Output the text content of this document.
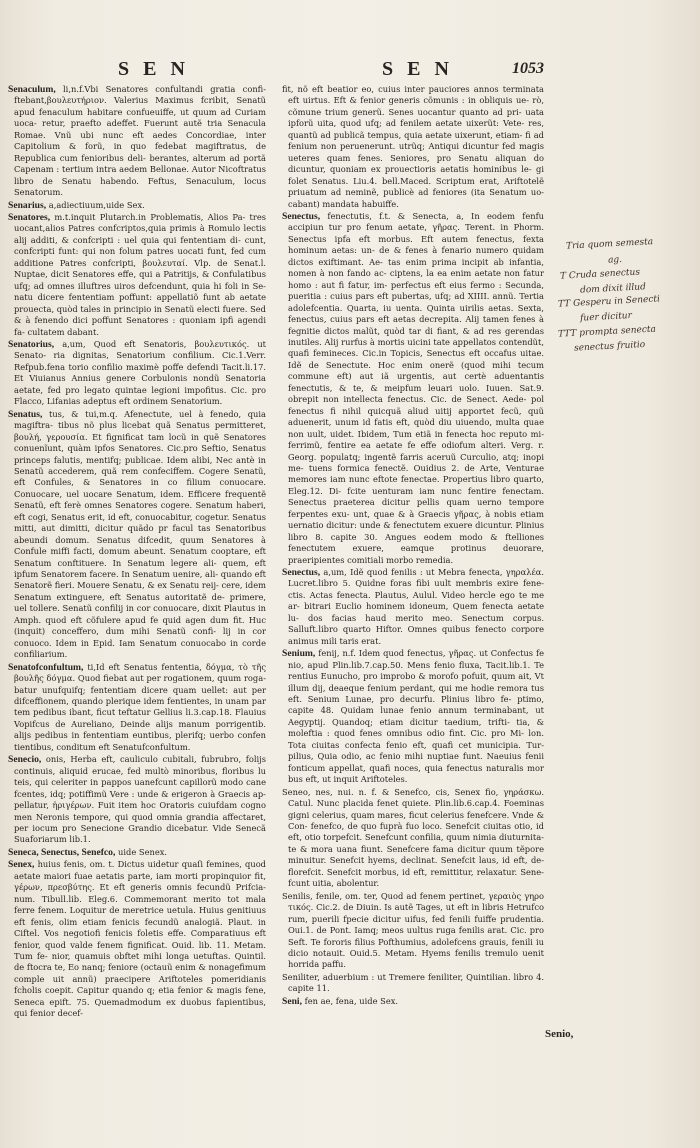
SEN	SEN	1053

Senaculum, li,n.f.Vbi Senatores confultandi gratia confi- ftebant,βουλευτήριον. Valerius Maximus fcribit, Senatũ apud fenaculum habitare confueuiffe, ut quum ad Curiam uoca- retur, praefto adeffet. Fuerunt autẽ tria Senacula Romae. Vnũ ubi nunc eft aedes Concordiae, inter Capitolium & forũ, in quo fedebat magiftratus, de Republica cum fenioribus deli- berantes, alterum ad portã Capenam : tertium intra aedem Bellonae. Autor Nicoftratus libro de Senatu habendo. Feftus, Senaculum, locus Senatorum.

Senarius, a,adiectiuum,uide Sex.

Senatores, m.t.inquit Plutarch.in Problematis, Alios Pa- tres uocant,alios Patres confcriptos,quia primis à Romulo lectis alij additi, & confcripti : uel quia qui fententiam di- cunt, confcripti funt: qui non folum patres uocati funt, fed cum additione Patres confcripti, βουλευταί. Vlp. de Senat.l. Nuptae, dicit Senatores effe, qui a Patritijs, & Confulatibus ufq; ad omnes illuftres uiros defcendunt, quia hi foli in Se- natu dicere fententiam poffunt: appellatiõ funt ab aetate prouecta, quòd tales in principio in Senatũ electi fuere. Sed & à fenendo dici poffunt Senatores : quoniam ipfi agendi fa- cultatem dabant.

Senatorius, a,um, Quod eft Senatoris, βουλευτικός. ut Senato- ria dignitas, Senatorium confilium. Cic.1.Verr. Refpub.fena torio confilio maximè poffe defendi Tacit.li.17. Et Viuianus Annius genere Corbulonis nondũ Senatoria aetate, fed pro legato quintae legioni impofitus. Cic. pro Flacco, Lifanias adeptus eft ordinem Senatorium.

Senatus, tus, & tui,m.q. Afenectute, uel à fenedo, quia magiftra- tibus nõ plus licebat quã Senatus permitteret, βουλή, γερουσία. Et fignificat tam locũ in quẽ Senatores conuenĩunt, quàm ipfos Senatores. Cic.pro Seftio, Senatus princeps falutis, mentifq; publicae. Idem alibi, Nec antè in Senatũ accederem, quã rem confeciffem. Cogere Senatũ, eft Confules, & Senatores in co filium conuocare. Conuocare, uel uocare Senatum, idem. Efficere frequentẽ Senatũ, eft ferè omnes Senatores cogere. Senatum haberi, eft cogi, Senatus erit, id eft, conuocabitur, cogetur. Senatus mitti, aut dimitti, dicitur quãdo pr facul tas Senatoribus abeundi domum. Senatus difcedit, quum Senatores à Confule miffi facti, domum abeunt. Senatum cooptare, eft Senatum conftituere. In Senatum legere ali- quem, eft ipfum Senatorem facere. In Senatum uenire, ali- quando eft Senatorẽ fieri. Mouere Senatu, & ex Senatu reij- cere, idem Senatum extinguere, eft Senatus autoritatẽ de- primere, uel tollere. Senatũ confilij in cor conuocare, dixit Plautus in Amph. quod eft cõfulere apud fe quid agen dum fit. Huc (inquit) conceffero, dum mihi Senatũ confi- lij in cor conuoco. Idem in Epid. Iam Senatum conuocabo in corde confiliarium.

Senatofconfultum, ti,Id eft Senatus fententia, δόγμα, τὸ τῆς βουλῆς δόγμα. Quod fiebat aut per rogationem, quum roga- batur unufquifq; fententiam dicere quam uellet: aut per difceffionem, quando plerique idem fentientes, in unam par tem pedibus ibant, ficut teftatur Gellius li.3.cap.18. Flauius Vopifcus de Aureliano, Deinde alijs manum porrigentib. alijs pedibus in fententiam euntibus, plerifq; uerbo confen tientibus, conditum eft Senatufconfultum.

Senecio, onis, Herba eft, cauliculo cubitali, fubrubro, folijs continuis, aliquid erucae, fed multò minoribus, floribus lu teis, qui celeriter in pappos uanefcunt capillorũ modo cane fcentes, idq; potiffimũ Vere : unde & erigeron à Graecis ap- pellatur, ἠριγέρων. Fuit item hoc Oratoris cuiufdam cogno men Neronis tempore, qui quod omnia grandia affectaret, per iocum pro Senecione Grandio dicebatur. Vide Senecã Suaforiarum lib.1.

Seneca, Senectus, Senefco, uide Senex.

Senex, huius fenis, om. t. Dictus uidetur quaſi femines, quod aetate maiori fuae aetatis parte, iam morti propinquior fit, γέρων, πρεσβύτης. Et eft generis omnis fecundũ Prifcia- num. Tibull.lib. Eleg.6. Commemorant merito tot mala ferre fenem. Loquitur de meretrice uetula. Huius genitiuus eft fenis, olim etiam fenicis fecundũ analogiã. Plaut. in Ciftel. Vos negotiofi fenicis foletis effe. Comparatiuus eft fenior, quod valde fenem fignificat. Ouid. lib. 11. Metam. Tum fe- nior, quamuis obftet mihi longa uetuftas. Quintil. de ftocra te, Eo nanq; feniore (octauũ enim & nonagefimum comple uit annũ) praecipere Ariftoteles pomeridianis fcholis coepit. Capitur quando q; etia fenior & magis fene, Seneca epift. 75. Quemadmodum ex duobus fapientibus, qui fenior decef-

fit, nõ eft beatior eo, cuius inter pauciores annos terminata eft uirtus. Eft & fenior generis cõmunis : in obliquis ue- rò, cõmune trium generũ. Senes uocantur quanto ad pri- uata ipforũ uita, quod ufq; ad fenilem aetate uixerũt: Vete- res, quantũ ad publicã tempus, quia aetate uixerunt, etiam- fi ad fenium non peruenerunt. utrũq; Antiqui dicuntur fed magis ueteres quam fenes. Seniores, pro Senatu aliquan do dicuntur, quoniam ex prouectioris aetatis hominibus le- gi folet Senatus. Liu.4. bell.Maced. Scriptum erat, Ariftotelẽ priuatum ad neminẽ, publicè ad feniores (ita Senatum uo- cabant) mandata habuiffe.

Senectus, fenectutis, f.t. & Senecta, a, In eodem fenfu accipiun tur pro fenum aetate, γῆρας. Terent. in Phorm. Senectus ipfa eft morbus. Eft autem fenectus, fexta hominum aetas: un- de & fenes à fenario numero quidam dictos exiftimant. Ae- tas enim prima incipit ab infantia, nomen à non fando ac- ciptens, la ea enim aetate non fatur homo : aut fi fatur, im- perfectus eft eius fermo : Secunda, pueritia : cuius pars eft pubertas, ufq; ad XIIII. annũ. Tertia adolefcentia. Quarta, iu uenta. Quinta uirilis aetas. Sexta, fenectus, cuius pars eft aetas decrepita. Alij tamen fenes à fegnitie dictos malũt, quòd tar di fiant, & ad res gerendas inutiles. Alij rurfus à mortis uicini tate appellatos contendũt, quafi femineces. Cic.in Topicis, Senectus eft occafus uitae. Idẽ de Senectute. Hoc enim onerẽ (quod mihi tecum commune eft) aut iã urgentis, aut certè aduentantis fenectutis, & te, & meipfum leuari uolo. Iuuen. Sat.9. obrepit non intellecta fenectus. Cic. de Senect. Aede- pol fenectus fi nihil quicquã aliud uitij apportet fecũ, quũ aduenerit, unum id fatis eft, quòd diu uiuendo, multa quae non uult, uidet. Ibidem, Tum etiã in fenecta hoc reputo mi- ferrimũ, fentire ea aetate fe effe odiofum alteri. Verg. r. Georg. populatq; ingentẽ farris aceruũ Curculio, atq; inopi me- tuens formica fenectẽ. Ouidius 2. de Arte, Venturae memores iam nunc eftote fenectae. Propertius libro quarto, Eleg.12. Di- fcite uenturam iam nunc fentire fenectam. Senectus praeterea dicitur pellis quam uerno tempore ferpentes exu- unt, quae & à Graecis γῆρας, à nobis etiam uernatio dicitur: unde & fenectutem exuere dicuntur. Plinius libro 8. capite 30. Angues eodem modo & ftelliones fenectutem exuere, eamque protinus deuorare, praeripientes comitiali morbo remedia.

Senectus, a,um, Idẽ quod fenilis : ut Mebra fenecta, γηραλέα. Lucret.libro 5. Quidne foras fibi uult membris exire fene- ctis. Actas fenecta. Plautus, Aulul. Video hercle ego te me ar- bitrari Euclio hominem idoneum, Quem fenecta aetate lu- dos facias haud merito meo. Senectum corpus. Salluft.libro quarto Hiftor. Omnes quibus fenecto corpore animus mili taris erat.

Senium, fenij, n.f. Idem quod fenectus, γῆρας. ut Confectus fe nio, apud Plin.lib.7.cap.50. Mens fenio fluxa, Tacit.lib.1. Te rentius Eunucho, pro improbo & morofo pofuit, quum ait, Vt illum dij, deaeque fenium perdant, qui me hodie remora tus eft. Senium Lunae, pro decurfu. Plinius libro fe- ptimo, capite 48. Quidam lunae fenio annum terminabant, ut Aegyptij. Quandoq; etiam dicitur taedium, trifti- tia, & moleftia : quod fenes omnibus odio fint. Cic. pro Mi- lon. Tota ciuitas confecta fenio eft, quafi cet municipia. Tur- pilius, Quia odio, ac fenio mihi nuptiae funt. Naeuius fenii fonticum appellat, quafi noces, quia fenectus naturalis mor bus eft, ut inquit Ariftoteles.

Seneo, nes, nui. n. f. & Senefco, cis, Senex fio, γηράσκω. Catul. Nunc placida fenet quiete. Plin.lib.6.cap.4. Foeminas gigni celerius, quam mares, ficut celerius fenefcere. Vnde & Con- fenefco, de quo fuprà fuo loco. Senefcit ciuitas otio, id eft, otio torpefcit. Senefcunt confilia, quum nimia diuturnita- te & mora uana fiunt. Senefcere fama dicitur quum tẽpore minuitur. Senefcit hyems, declinat. Senefcit laus, id eft, de- florefcit. Senefcit morbus, id eft, remittitur, relaxatur. Sene- fcunt uitia, abolentur.

Senilis, fenile, om. ter, Quod ad fenem pertinet, γεραιὸς γηρο τικός. Cic.2. de Diuin. Is autẽ Tages, ut eft in libris Hetrufco rum, puerili fpecie dicitur uifus, fed fenili fuiffe prudentia. Oui.1. de Pont. Iamq; meos uultus ruga fenilis arat. Cic. pro Seft. Te fororis filius Pofthumius, adolefcens grauis, fenili iu dicio notauit. Ouid.5. Metam. Hyems fenilis tremulo uenit horrida paffu.

Seniliter, aduerbium : ut Tremere feniliter, Quintilian. libro 4. capite 11.

Seni, fen ae, fena, uide Sex.

Tria quom semesta
ag.
T Cruda senectus
dom dixit illud
TT Gesperu in Senecti
fuer dicitur
TTT prompta senecta
senectus fruitio
Senio,
